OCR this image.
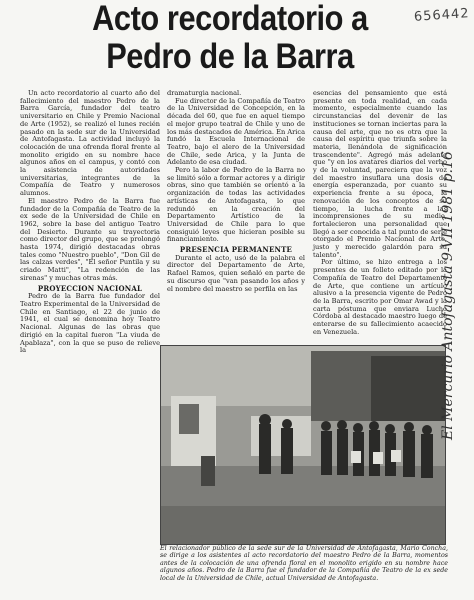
Acto recordatorio a
Pedro de la Barra
656442

Un acto recordatorio al cuarto año del fallecimiento del maestro Pedro de la Barra García, fundador del teatro universitario en Chile y Premio Nacional de Arte (1952), se realizó el lunes recién pasado en la sede sur de la Universidad de Antofagasta. La actividad incluyó la colocación de una ofrenda floral frente al monolito erigido en su nombre hace algunos años en el campus, y contó con la asistencia de autoridades universitarias, integrantes de la Compañía de Teatro y numerosos alumnos.

El maestro Pedro de la Barra fue fundador de la Compañía de Teatro de la ex sede de la Universidad de Chile en 1962, sobre la base del antiguo Teatro del Desierto. Durante su trayectoria como director del grupo, que se prolongó hasta 1974, dirigió destacadas obras tales como "Nuestro pueblo", "Don Gil de las calzas verdes", "El señor Puntila y su criado Matti", "La redención de las sirenas" y muchas otras más.

PROYECCION NACIONAL

Pedro de la Barra fue fundador del Teatro Experimental de la Universidad de Chile en Santiago, el 22 de junio de 1941, el cual se denomina hoy Teatro Nacional. Algunas de las obras que dirigió en la capital fueron "La viuda de Apablaza", con la que se puso de relieve la

dramaturgia nacional.

Fue director de la Compañía de Teatro de la Universidad de Concepción, en la década del 60, que fue en aquel tiempo el mejor grupo teatral de Chile y uno de los más destacados de América. En Arica fundó la Escuela Internacional de Teatro, bajo el alero de la Universidad de Chile, sede Arica, y la Junta de Adelanto de esa ciudad.

Pero la labor de Pedro de la Barra no se limitó sólo a formar actores y a dirigir obras, sino que también se orientó a la organización de todas las actividades artísticas de Antofagasta, lo que redundó en la creación del Departamento Artístico de la Universidad de Chile para lo que consiguió leyes que hicieran posible su financiamiento.

PRESENCIA PERMANENTE

Durante el acto, usó de la palabra el director del Departamento de Arte, Rafael Ramos, quien señaló en parte de su discurso que "van pasando los años y el nombre del maestro se perfila en las

esencias del pensamiento que está presente en toda realidad, en cada momento, especialmente cuando las circunstancias del devenir de las instituciones se tornan inciertas para la causa del arte, que no es otra que la causa del espíritu que triunfa sobre la materia, llenándola de significación trascendente". Agregó más adelante que "y en los avatares diarios del verbo y de la voluntad, pareciera que la voz del maestro insuflara una dosis de energía esperanzada, por cuanto su experiencia frente a su época, la renovación de los conceptos de su tiempo, la lucha frente a las incomprensiones de su medio, fortalecieron una personalidad que llegó a ser conocida a tal punto de serle otorgado el Premio Nacional de Arte, justo y merecido galardón para su talento".

Por último, se hizo entrega a los presentes de un folleto editado por la Compañía de Teatro del Departamento de Arte, que contiene un artículo alusivo a la presencia vigente de Pedro de la Barra, escrito por Omar Awad y la carta póstuma que enviara Lucho Córdoba al destacado maestro luego de enterarse de su fallecimiento acaecido en Venezuela.

El relacionador público de la sede sur de la Universidad de Antofagasta, Mario Concha, se dirige a los asistentes al acto recordatorio del maestro Pedro de la Barra, momentos antes de la colocación de una ofrenda floral en el monolito erigido en su nombre hace algunos años. Pedro de la Barra fue el fundador de la Compañía de Teatro de la ex sede local de la Universidad de Chile, actual Universidad de Antofagasta.
El Mercurio Antofagasta 9-VII-1981 p.16
